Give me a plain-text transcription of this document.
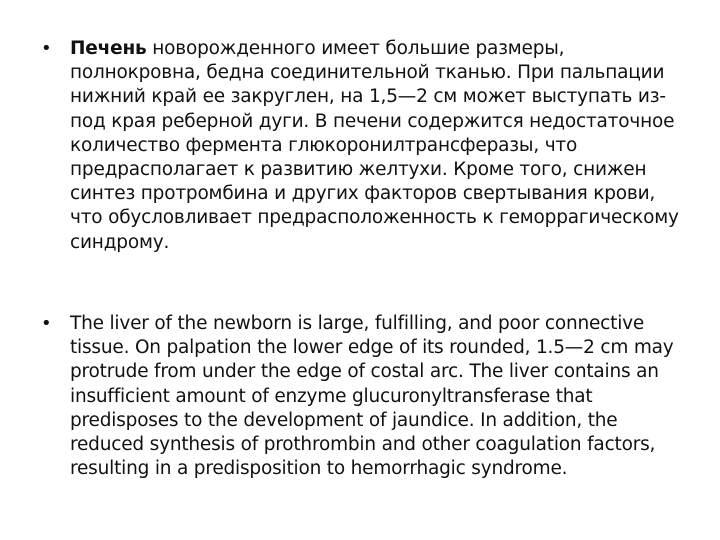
• Печень новорожденного имеет большие размеры, полнокровна, бедна соединительной тканью. При пальпации нижний край ее закруглен, на 1,5—2 см может выступать из-под края реберной дуги. В печени содержится недостаточное количество фермента глюкоронилтрансферазы, что предрасполагает к развитию желтухи. Кроме того, снижен синтез протромбина и других факторов свертывания крови, что обусловливает предрасположенность к геморрагическому синдрому.
• The liver of the newborn is large, fulfilling, and poor connective tissue. On palpation the lower edge of its rounded, 1.5—2 cm may protrude from under the edge of costal arc. The liver contains an insufficient amount of enzyme glucuronyltransferase that predisposes to the development of jaundice. In addition, the reduced synthesis of prothrombin and other coagulation factors, resulting in a predisposition to hemorrhagic syndrome.
